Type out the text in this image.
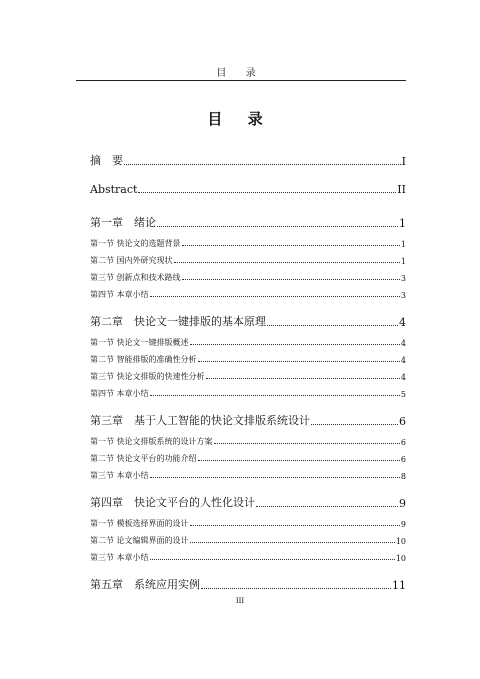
目 录
目 录
摘　要	I
Abstract	II
第一章　绪论	1
第一节 快论文的选题背景	1
第二节 国内外研究现状	1
第三节 创新点和技术路线	3
第四节 本章小结	3
第二章　快论文一键排版的基本原理	4
第一节 快论文一键排版概述	4
第二节 智能排版的准确性分析	4
第三节 快论文排版的快速性分析	4
第四节 本章小结	5
第三章　基于人工智能的快论文排版系统设计	6
第一节 快论文排版系统的设计方案	6
第二节 快论文平台的功能介绍	6
第三节 本章小结	8
第四章　快论文平台的人性化设计	9
第一节 模板选择界面的设计	9
第二节 论文编辑界面的设计	10
第三节 本章小结	10
第五章　系统应用实例	11
III
